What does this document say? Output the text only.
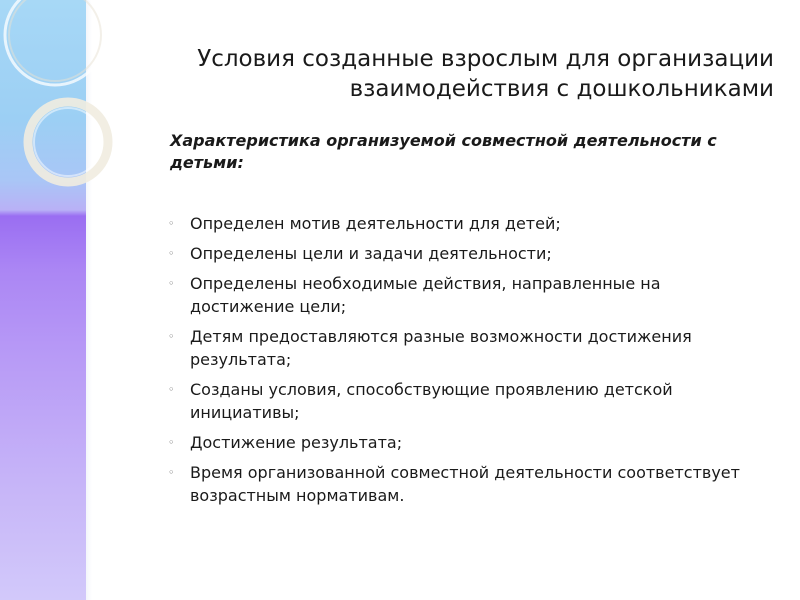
Условия созданные взрослым для организации
взаимодействия с дошкольниками

Характеристика организуемой совместной деятельности с детьми:

◦ Определен мотив деятельности для детей;
◦ Определены цели и задачи деятельности;
◦ Определены необходимые действия, направленные на достижение цели;
◦ Детям предоставляются разные возможности достижения результата;
◦ Созданы условия, способствующие проявлению детской инициативы;
◦ Достижение результата;
◦ Время организованной совместной деятельности соответствует возрастным нормативам.
